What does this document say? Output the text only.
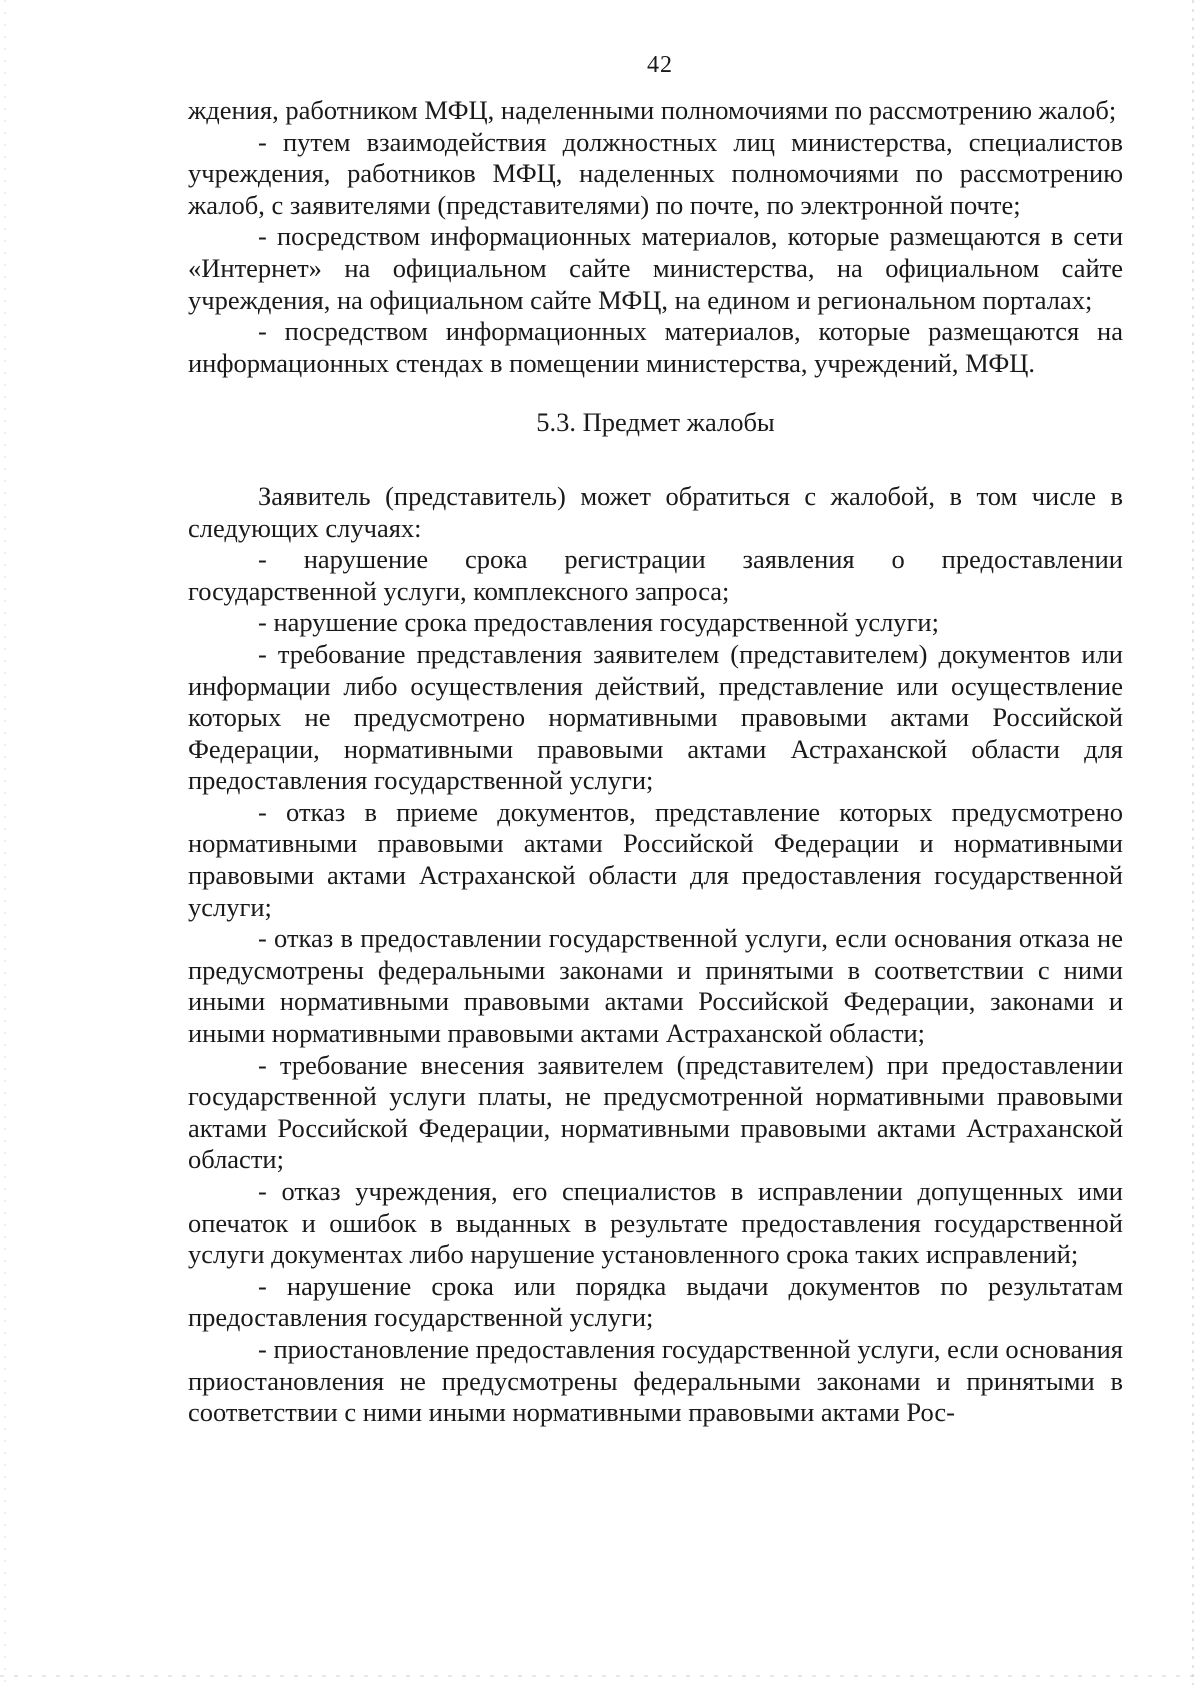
42

ждения, работником МФЦ, наделенными полномочиями по рассмотрению жалоб;

- путем взаимодействия должностных лиц министерства, специалистов учреждения, работников МФЦ, наделенных полномочиями по рассмотрению жалоб, с заявителями (представителями) по почте, по электронной почте;

- посредством информационных материалов, которые размещаются в сети «Интернет» на официальном сайте министерства, на официальном сайте учреждения, на официальном сайте МФЦ, на едином и региональном порталах;

- посредством информационных материалов, которые размещаются на информационных стендах в помещении министерства, учреждений, МФЦ.

5.3. Предмет жалобы

Заявитель (представитель) может обратиться с жалобой, в том числе в следующих случаях:

- нарушение срока регистрации заявления о предоставлении государственной услуги, комплексного запроса;

- нарушение срока предоставления государственной услуги;

- требование представления заявителем (представителем) документов или информации либо осуществления действий, представление или осуществление которых не предусмотрено нормативными правовыми актами Российской Федерации, нормативными правовыми актами Астраханской области для предоставления государственной услуги;

- отказ в приеме документов, представление которых предусмотрено нормативными правовыми актами Российской Федерации и нормативными правовыми актами Астраханской области для предоставления государственной услуги;

- отказ в предоставлении государственной услуги, если основания отказа не предусмотрены федеральными законами и принятыми в соответствии с ними иными нормативными правовыми актами Российской Федерации, законами и иными нормативными правовыми актами Астраханской области;

- требование внесения заявителем (представителем) при предоставлении государственной услуги платы, не предусмотренной нормативными правовыми актами Российской Федерации, нормативными правовыми актами Астраханской области;

- отказ учреждения, его специалистов в исправлении допущенных ими опечаток и ошибок в выданных в результате предоставления государственной услуги документах либо нарушение установленного срока таких исправлений;

- нарушение срока или порядка выдачи документов по результатам предоставления государственной услуги;

- приостановление предоставления государственной услуги, если основания приостановления не предусмотрены федеральными законами и принятыми в соответствии с ними иными нормативными правовыми актами Рос-
